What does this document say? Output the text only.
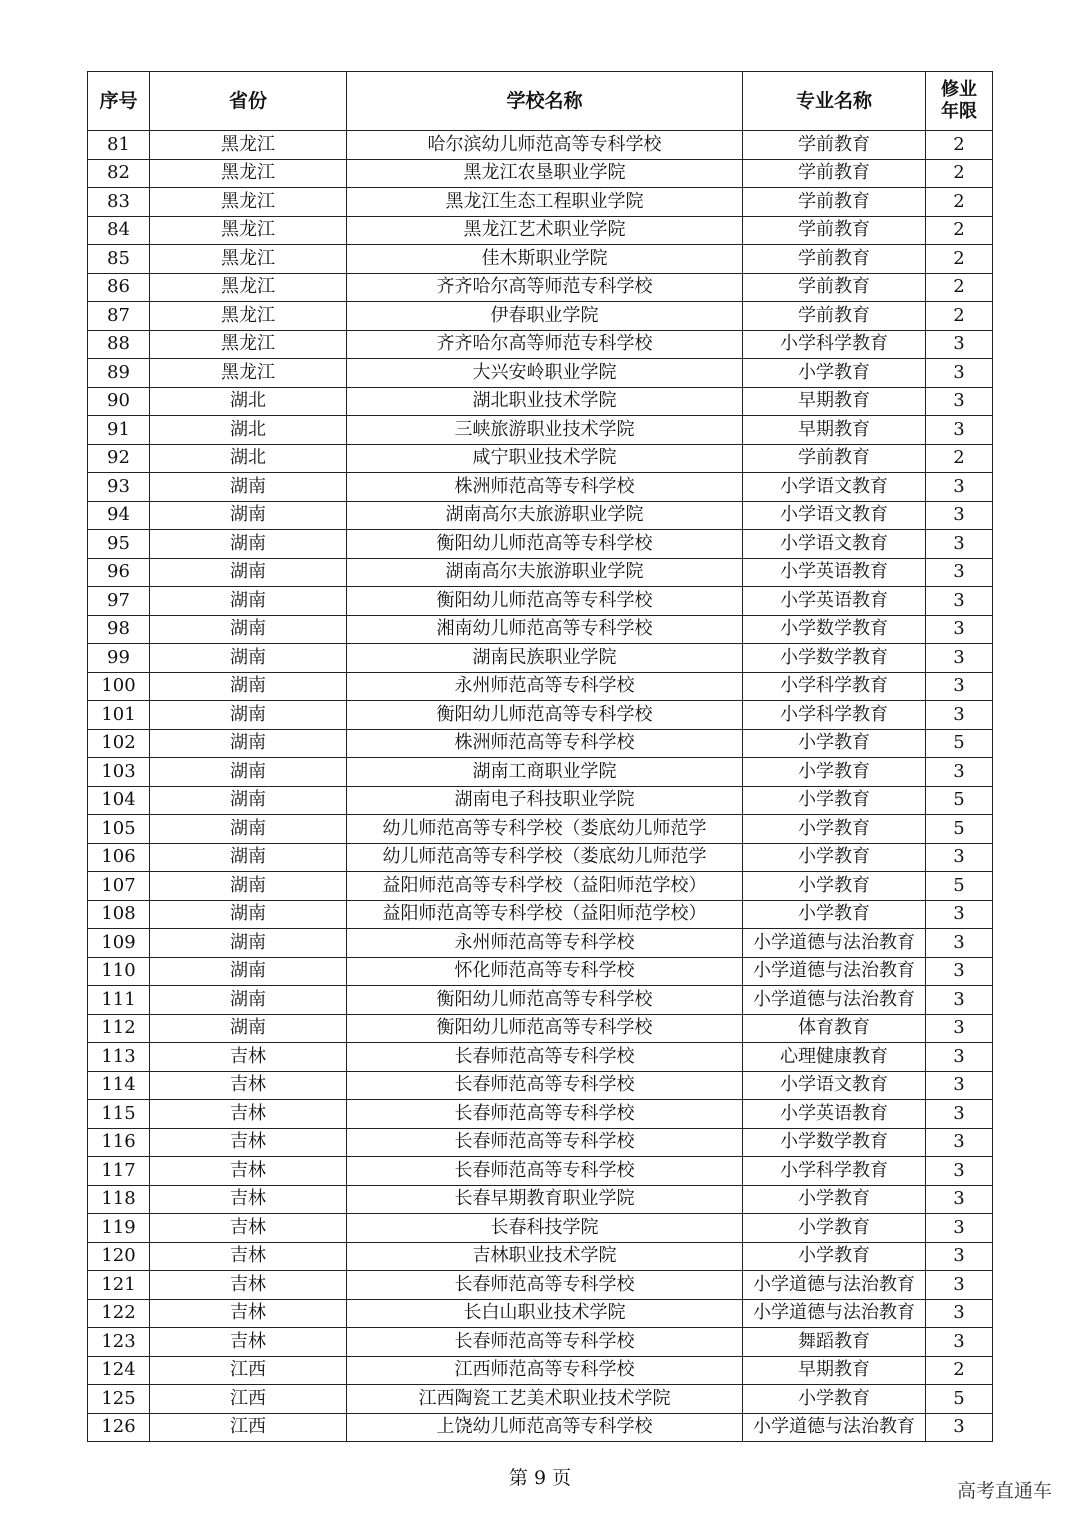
序号	省份	学校名称	专业名称	修业
年限
81	黑龙江	哈尔滨幼儿师范高等专科学校	学前教育	2
82	黑龙江	黑龙江农垦职业学院	学前教育	2
83	黑龙江	黑龙江生态工程职业学院	学前教育	2
84	黑龙江	黑龙江艺术职业学院	学前教育	2
85	黑龙江	佳木斯职业学院	学前教育	2
86	黑龙江	齐齐哈尔高等师范专科学校	学前教育	2
87	黑龙江	伊春职业学院	学前教育	2
88	黑龙江	齐齐哈尔高等师范专科学校	小学科学教育	3
89	黑龙江	大兴安岭职业学院	小学教育	3
90	湖北	湖北职业技术学院	早期教育	3
91	湖北	三峡旅游职业技术学院	早期教育	3
92	湖北	咸宁职业技术学院	学前教育	2
93	湖南	株洲师范高等专科学校	小学语文教育	3
94	湖南	湖南高尔夫旅游职业学院	小学语文教育	3
95	湖南	衡阳幼儿师范高等专科学校	小学语文教育	3
96	湖南	湖南高尔夫旅游职业学院	小学英语教育	3
97	湖南	衡阳幼儿师范高等专科学校	小学英语教育	3
98	湖南	湘南幼儿师范高等专科学校	小学数学教育	3
99	湖南	湖南民族职业学院	小学数学教育	3
100	湖南	永州师范高等专科学校	小学科学教育	3
101	湖南	衡阳幼儿师范高等专科学校	小学科学教育	3
102	湖南	株洲师范高等专科学校	小学教育	5
103	湖南	湖南工商职业学院	小学教育	3
104	湖南	湖南电子科技职业学院	小学教育	5
105	湖南	幼儿师范高等专科学校（娄底幼儿师范学	小学教育	5
106	湖南	幼儿师范高等专科学校（娄底幼儿师范学	小学教育	3
107	湖南	益阳师范高等专科学校（益阳师范学校）	小学教育	5
108	湖南	益阳师范高等专科学校（益阳师范学校）	小学教育	3
109	湖南	永州师范高等专科学校	小学道德与法治教育	3
110	湖南	怀化师范高等专科学校	小学道德与法治教育	3
111	湖南	衡阳幼儿师范高等专科学校	小学道德与法治教育	3
112	湖南	衡阳幼儿师范高等专科学校	体育教育	3
113	吉林	长春师范高等专科学校	心理健康教育	3
114	吉林	长春师范高等专科学校	小学语文教育	3
115	吉林	长春师范高等专科学校	小学英语教育	3
116	吉林	长春师范高等专科学校	小学数学教育	3
117	吉林	长春师范高等专科学校	小学科学教育	3
118	吉林	长春早期教育职业学院	小学教育	3
119	吉林	长春科技学院	小学教育	3
120	吉林	吉林职业技术学院	小学教育	3
121	吉林	长春师范高等专科学校	小学道德与法治教育	3
122	吉林	长白山职业技术学院	小学道德与法治教育	3
123	吉林	长春师范高等专科学校	舞蹈教育	3
124	江西	江西师范高等专科学校	早期教育	2
125	江西	江西陶瓷工艺美术职业技术学院	小学教育	5
126	江西	上饶幼儿师范高等专科学校	小学道德与法治教育	3
第 9 页
高考直通车
